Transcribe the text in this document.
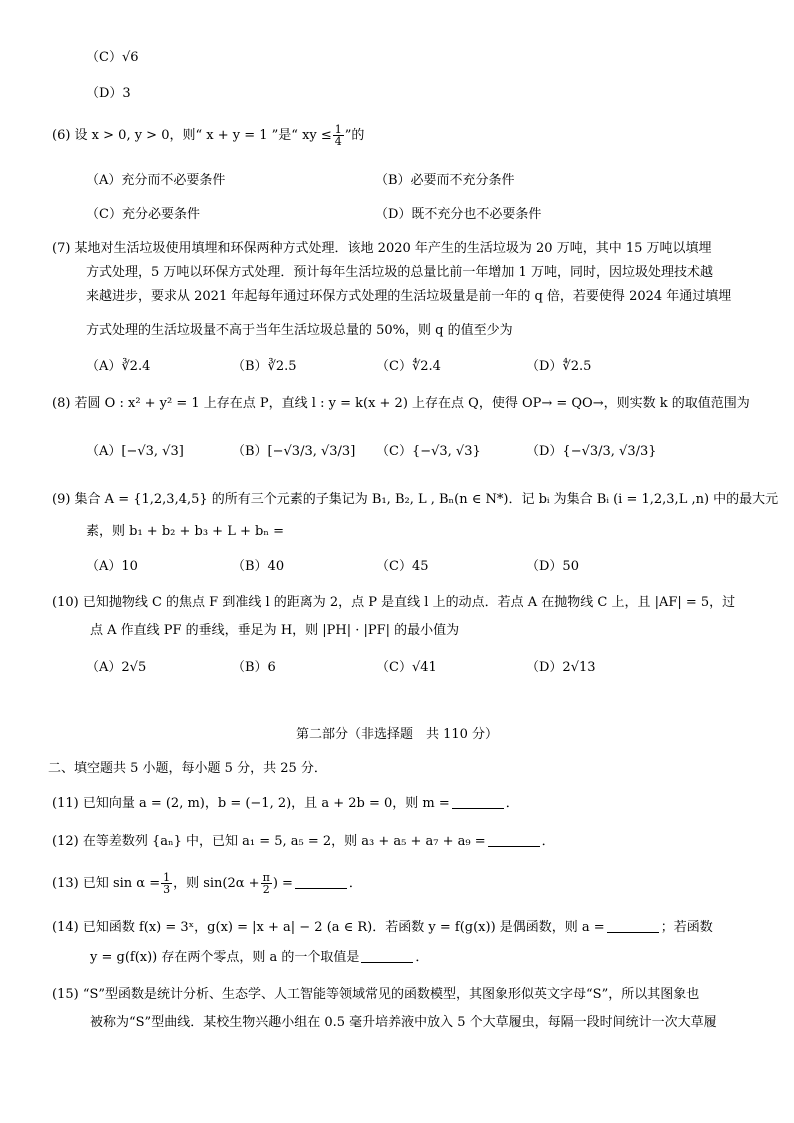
（C）√6
（D）3
(6) 设 x > 0, y > 0，则“ x + y = 1 ”是“ xy ≤ $\frac{1}{4}$ ”的
（A）充分而不必要条件	（B）必要而不充分条件
（C）充分必要条件	（D）既不充分也不必要条件
(7) 某地对生活垃圾使用填埋和环保两种方式处理．该地 2020 年产生的生活垃圾为 20 万吨，其中 15 万吨以填埋
方式处理，5 万吨以环保方式处理．预计每年生活垃圾的总量比前一年增加 1 万吨，同时，因垃圾处理技术越
来越进步，要求从 2021 年起每年通过环保方式处理的生活垃圾量是前一年的 q 倍，若要使得 2024 年通过填埋
方式处理的生活垃圾量不高于当年生活垃圾总量的 50%，则 q 的值至少为
（A）∛2.4	（B）∛2.5	（C）∜2.4	（D）∜2.5
(8) 若圆 O : x² + y² = 1 上存在点 P，直线 l : y = k(x + 2) 上存在点 Q，使得 OP→ = QO→，则实数 k 的取值范围为
（A）[−√3, √3]	（B）[−√3/3, √3/3] （C）{−√3, √3}	（D）{−√3/3, √3/3}
(9) 集合 A = {1,2,3,4,5} 的所有三个元素的子集记为 B₁, B₂, L , Bₙ(n ∈ N*)．记 bᵢ 为集合 Bᵢ (i = 1,2,3,L ,n) 中的最大元
素，则 b₁ + b₂ + b₃ + L + bₙ =
（A）10	（B）40	（C）45	（D）50
(10) 已知抛物线 C 的焦点 F 到准线 l 的距离为 2，点 P 是直线 l 上的动点．若点 A 在抛物线 C 上，且 |AF| = 5，过
点 A 作直线 PF 的垂线，垂足为 H，则 |PH| · |PF| 的最小值为
（A）2√5	（B）6	（C）√41	（D）2√13
第二部分（非选择题　共 110 分）
二、填空题共 5 小题，每小题 5 分，共 25 分．
(11) 已知向量 a = (2, m)，b = (−1, 2)，且 a + 2b = 0，则 m =	．
(12) 在等差数列 {aₙ} 中，已知 a₁ = 5, a₅ = 2，则 a₃ + a₅ + a₇ + a₉ =	．
(13) 已知 $\sin \alpha = \frac{1}{3}$ ，则 $\sin(2\alpha + \frac{\pi}{2}$ ) =	．
(14) 已知函数 f(x) = 3ˣ，g(x) = |x + a| − 2 (a ∈ R)．若函数 y = f(g(x)) 是偶函数，则 a =	；若函数
y = g(f(x)) 存在两个零点，则 a 的一个取值是	．
(15) “S”型函数是统计分析、生态学、人工智能等领域常见的函数模型，其图象形似英文字母“S”，所以其图象也
被称为“S”型曲线．某校生物兴趣小组在 0.5 毫升培养液中放入 5 个大草履虫，每隔一段时间统计一次大草履
